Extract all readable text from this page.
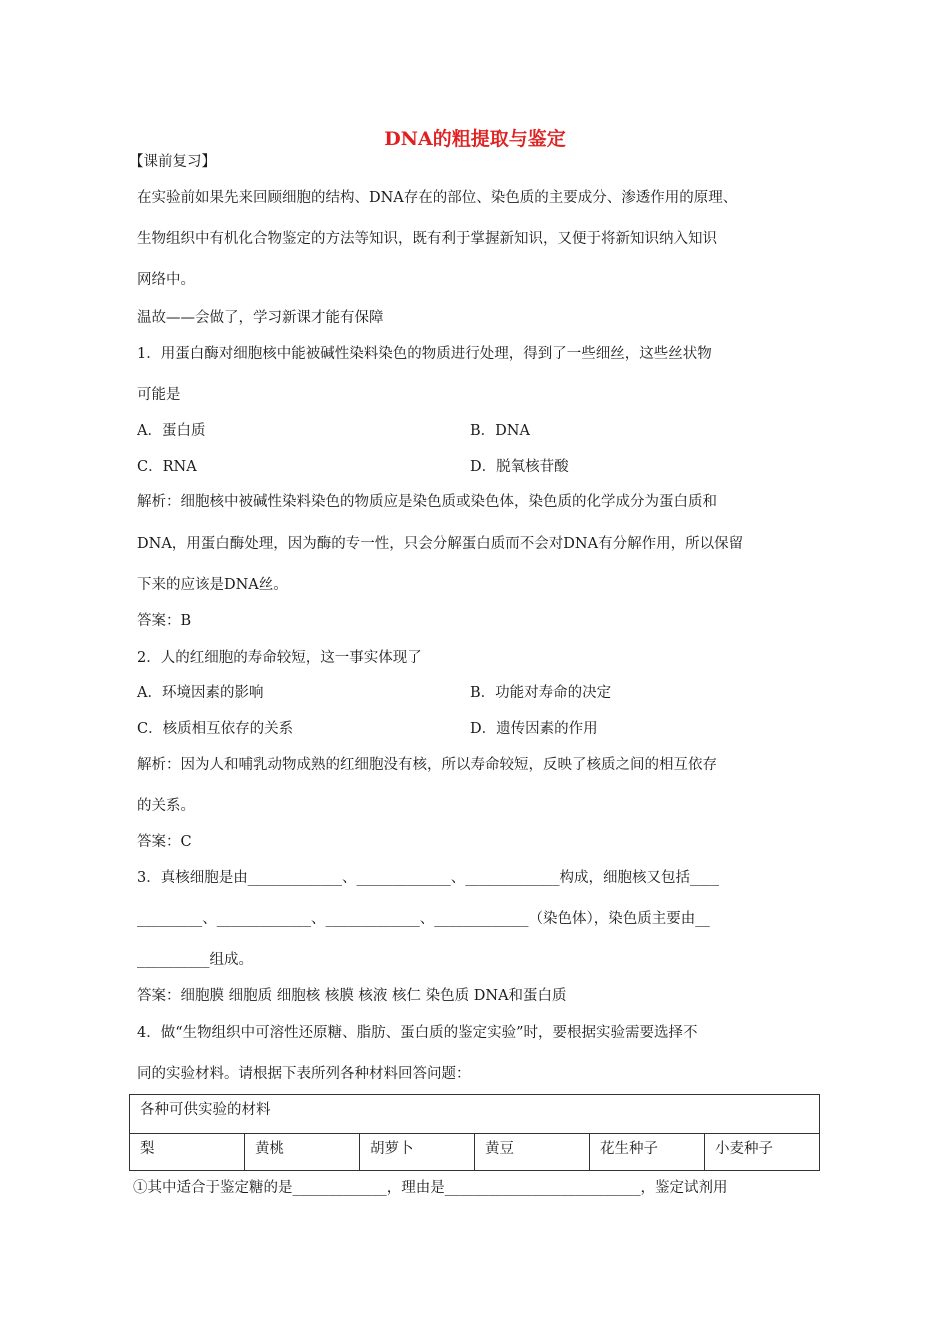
DNA的粗提取与鉴定
【课前复习】
在实验前如果先来回顾细胞的结构、DNA存在的部位、染色质的主要成分、渗透作用的原理、
生物组织中有机化合物鉴定的方法等知识，既有利于掌握新知识，又便于将新知识纳入知识
网络中。
温故——会做了，学习新课才能有保障
1．用蛋白酶对细胞核中能被碱性染料染色的物质进行处理，得到了一些细丝，这些丝状物
可能是
A．蛋白质	B．DNA
C．RNA	D．脱氧核苷酸
解析：细胞核中被碱性染料染色的物质应是染色质或染色体，染色质的化学成分为蛋白质和
DNA，用蛋白酶处理，因为酶的专一性，只会分解蛋白质而不会对DNA有分解作用，所以保留
下来的应该是DNA丝。
答案：B
2．人的红细胞的寿命较短，这一事实体现了
A．环境因素的影响	B．功能对寿命的决定
C．核质相互依存的关系	D．遗传因素的作用
解析：因为人和哺乳动物成熟的红细胞没有核，所以寿命较短，反映了核质之间的相互依存
的关系。
答案：C
3．真核细胞是由_____________、_____________、_____________构成，细胞核又包括____
_________、_____________、_____________、_____________（染色体），染色质主要由__
__________组成。
答案：细胞膜 细胞质 细胞核 核膜 核液 核仁 染色质 DNA和蛋白质
4．做“生物组织中可溶性还原糖、脂肪、蛋白质的鉴定实验”时，要根据实验需要选择不
同的实验材料。请根据下表所列各种材料回答问题：
各种可供实验的材料
梨	黄桃	胡萝卜	黄豆	花生种子	小麦种子
①其中适合于鉴定糖的是_____________，理由是___________________________，鉴定试剂用
